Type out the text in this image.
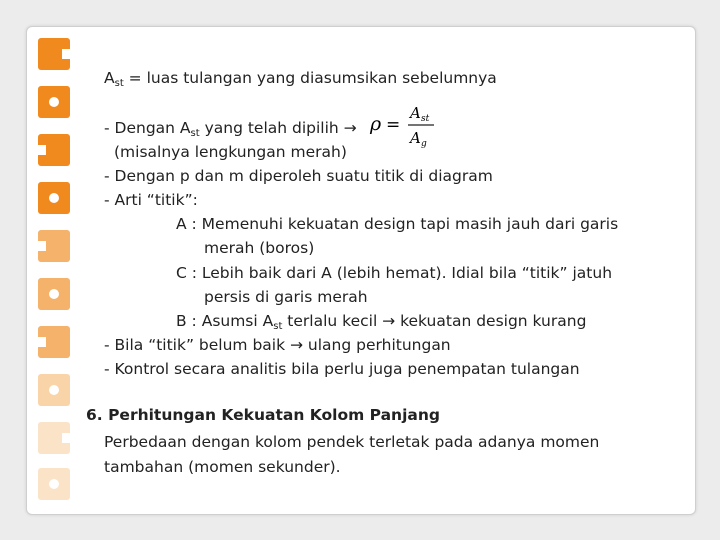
$A_{st}$ = luas tulangan yang diasumsikan sebelumnya
- Dengan $A_{st}$ yang telah dipilih → ρ =
A st
A g
(misalnya lengkungan merah)
- Dengan p dan m diperoleh suatu titik di diagram
- Arti “titik”:
A : Memenuhi kekuatan design tapi masih jauh dari garis
merah (boros)
C : Lebih baik dari A (lebih hemat). Idial bila “titik” jatuh
persis di garis merah
B : Asumsi $A_{st}$ terlalu kecil → kekuatan design kurang
- Bila “titik” belum baik → ulang perhitungan
- Kontrol secara analitis bila perlu juga penempatan tulangan
6. Perhitungan Kekuatan Kolom Panjang
Perbedaan dengan kolom pendek terletak pada adanya momen
tambahan (momen sekunder).
